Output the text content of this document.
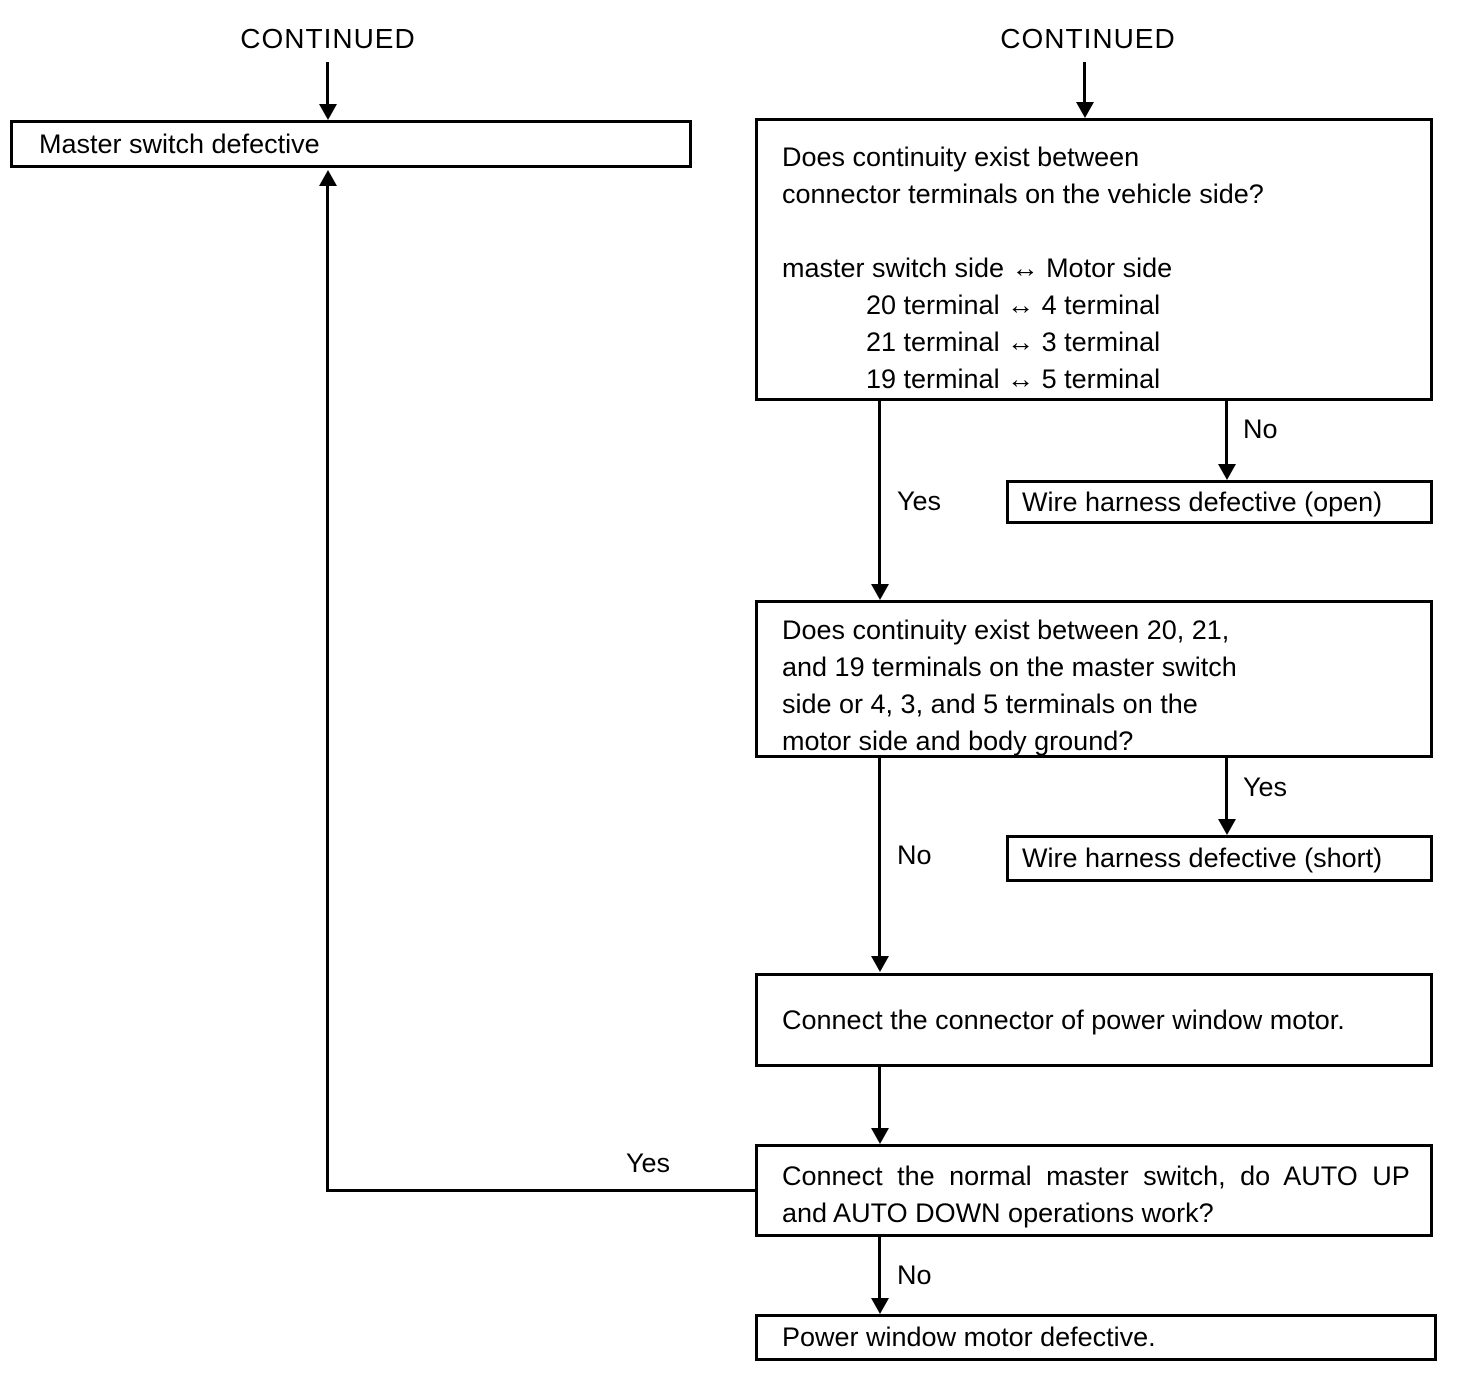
CONTINUED
Master switch defective
Yes
CONTINUED
Does continuity exist between
connector terminals on the vehicle side?
master switch side ↔ Motor side
20 terminal ↔ 4 terminal
21 terminal ↔ 3 terminal
19 terminal ↔ 5 terminal
Yes
No
Wire harness defective (open)
Does continuity exist between 20, 21,
and 19 terminals on the master switch
side or 4, 3, and 5 terminals on the
motor side and body ground?
No
Yes
Wire harness defective (short)
Connect the connector of power window motor.
Connect the normal master switch, do AUTO UP
and AUTO DOWN operations work?
No
Power window motor defective.
